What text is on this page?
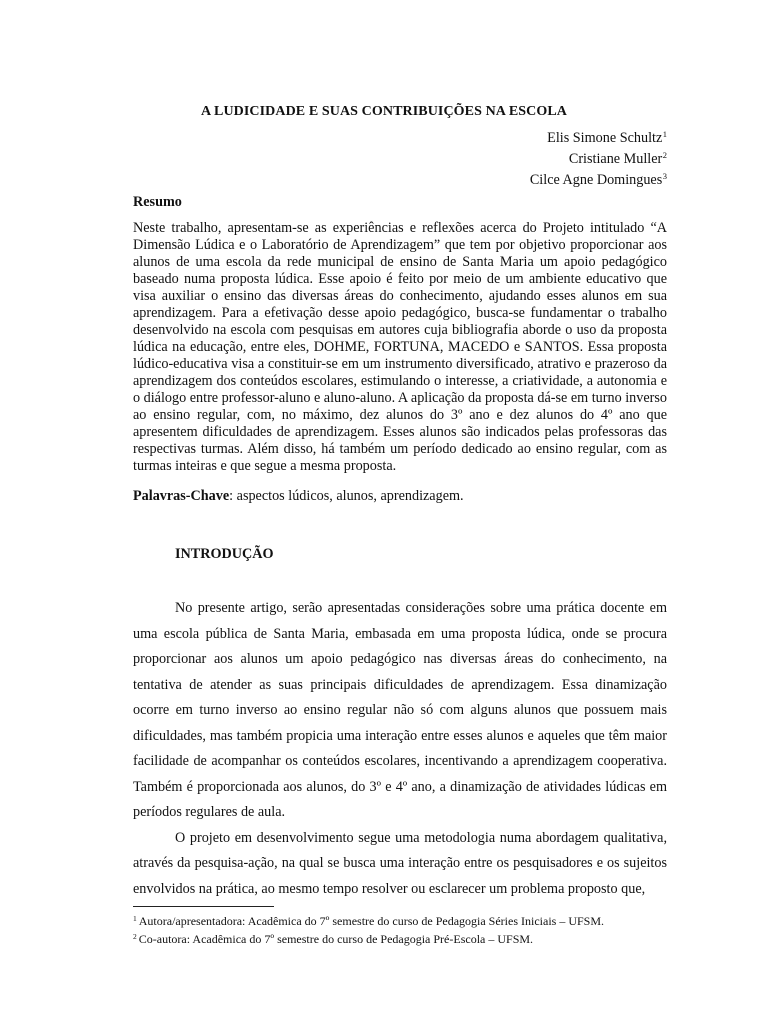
A LUDICIDADE E SUAS CONTRIBUIÇÕES NA ESCOLA
Elis Simone Schultz$^1$
Cristiane Muller$^2$
Cilce Agne Domingues$^3$
Resumo

Neste trabalho, apresentam-se as experiências e reflexões acerca do Projeto intitulado “A Dimensão Lúdica e o Laboratório de Aprendizagem” que tem por objetivo proporcionar aos alunos de uma escola da rede municipal de ensino de Santa Maria um apoio pedagógico baseado numa proposta lúdica. Esse apoio é feito por meio de um ambiente educativo que visa auxiliar o ensino das diversas áreas do conhecimento, ajudando esses alunos em sua aprendizagem. Para a efetivação desse apoio pedagógico, busca-se fundamentar o trabalho desenvolvido na escola com pesquisas em autores cuja bibliografia aborde o uso da proposta lúdica na educação, entre eles, DOHME, FORTUNA, MACEDO e SANTOS. Essa proposta lúdico-educativa visa a constituir-se em um instrumento diversificado, atrativo e prazeroso da aprendizagem dos conteúdos escolares, estimulando o interesse, a criatividade, a autonomia e o diálogo entre professor-aluno e aluno-aluno. A aplicação da proposta dá-se em turno inverso ao ensino regular, com, no máximo, dez alunos do 3º ano e dez alunos do 4º ano que apresentem dificuldades de aprendizagem. Esses alunos são indicados pelas professoras das respectivas turmas. Além disso, há também um período dedicado ao ensino regular, com as turmas inteiras e que segue a mesma proposta.

Palavras-Chave: aspectos lúdicos, alunos, aprendizagem.

INTRODUÇÃO

No presente artigo, serão apresentadas considerações sobre uma prática docente em uma escola pública de Santa Maria, embasada em uma proposta lúdica, onde se procura proporcionar aos alunos um apoio pedagógico nas diversas áreas do conhecimento, na tentativa de atender as suas principais dificuldades de aprendizagem. Essa dinamização ocorre em turno inverso ao ensino regular não só com alguns alunos que possuem mais dificuldades, mas também propicia uma interação entre esses alunos e aqueles que têm maior facilidade de acompanhar os conteúdos escolares, incentivando a aprendizagem cooperativa. Também é proporcionada aos alunos, do 3º e 4º ano, a dinamização de atividades lúdicas em períodos regulares de aula.

O projeto em desenvolvimento segue uma metodologia numa abordagem qualitativa, através da pesquisa-ação, na qual se busca uma interação entre os pesquisadores e os sujeitos envolvidos na prática, ao mesmo tempo resolver ou esclarecer um problema proposto que,

$^1$ Autora/apresentadora: Acadêmica do 7º semestre do curso de Pedagogia Séries Iniciais – UFSM.
$^2$ Co-autora: Acadêmica do 7º semestre do curso de Pedagogia Pré-Escola – UFSM.
